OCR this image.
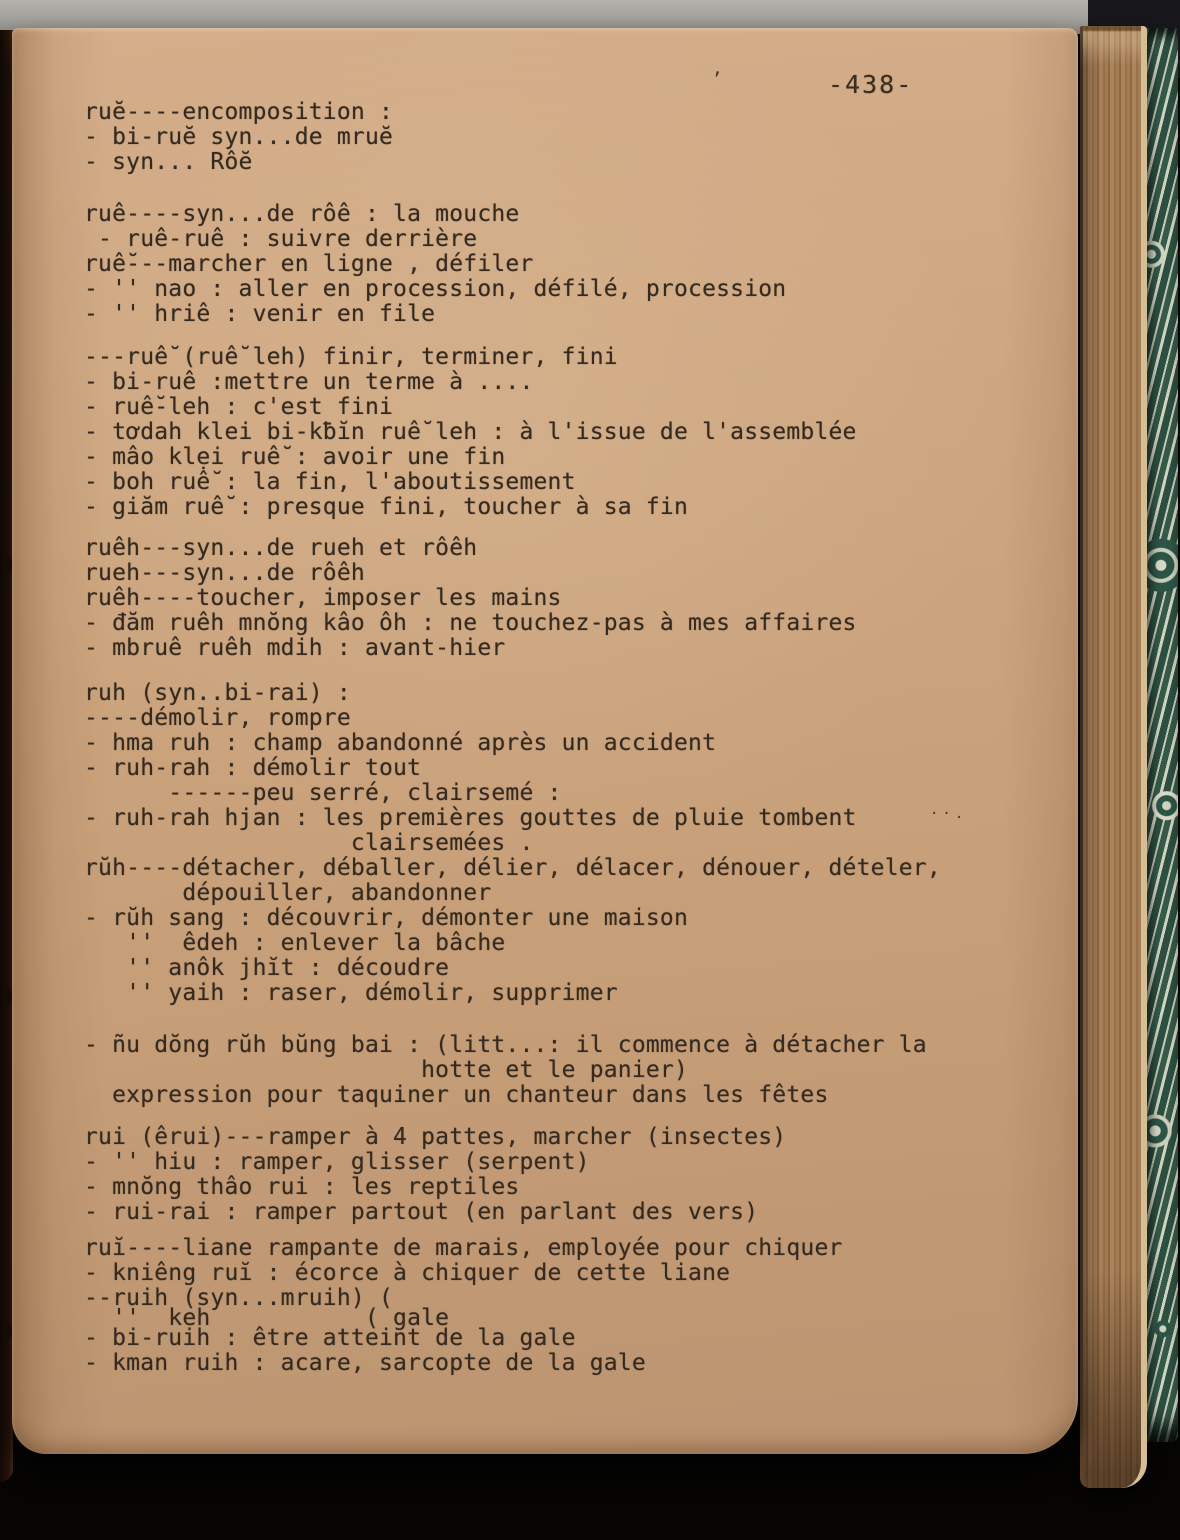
-438-
,
··.
ruĕ----encomposition :
- bi-ruĕ syn...de mruĕ
- syn... Rôĕ
ruê----syn...de rôê : la mouche
- ruê-ruê : suivre derrière
ruê̆---marcher en ligne , défiler
- '' nao : aller en procession, défilé, procession
- '' hriê : venir en file
---ruê̆ (ruê̆ leh) finir, terminer, fini
- bi-ruê :mettre un terme à ....
- ruê̆-leh : c'est fini
- tơdah klei bi-kƀĭn ruê̆ leh : à l'issue de l'assemblée
- mâo klẹi ruê̆ : avoir une fin
- boh ruê̆ : la fin, l'aboutissement
- giăm ruê̆ : presque fini, toucher à sa fin
ruêh---syn...de rueh et rôêh
rueh---syn...de rôêh
ruêh----toucher, imposer les mains
- đăm ruêh mnŏng kâo ôh : ne touchez-pas à mes affaires
- mbruê ruêh mdih : avant-hier
ruh (syn..bi-rai) :
----démolir, rompre
- hma ruh : champ abandonné après un accident
- ruh-rah : démolir tout
------peu serré, clairsemé :
- ruh-rah hjan : les premières gouttes de pluie tombent
clairsemées .
rŭh----détacher, déballer, délier, délacer, dénouer, dételer,
dépouiller, abandonner
- rŭh sang : découvrir, démonter une maison
''  êdeh : enlever la bâche
'' anôk jhĭt : découdre
'' yaih : raser, démolir, supprimer
- ñu dŏng rŭh bŭng bai : (litt...: il commence à détacher la
hotte et le panier)
expression pour taquiner un chanteur dans les fêtes
rui (êrui)---ramper à 4 pattes, marcher (insectes)
- '' hiu : ramper, glisser (serpent)
- mnŏng thâo rui : les reptiles
- rui-rai : ramper partout (en parlant des vers)
ruĭ----liane rampante de marais, employée pour chiquer
- kniêng ruĭ : écorce à chiquer de cette liane
--ruih (syn...mruih) (
''  keh           ( gale
- bi-ruih : être atteint de la gale
- kman ruih : acare, sarcopte de la gale
